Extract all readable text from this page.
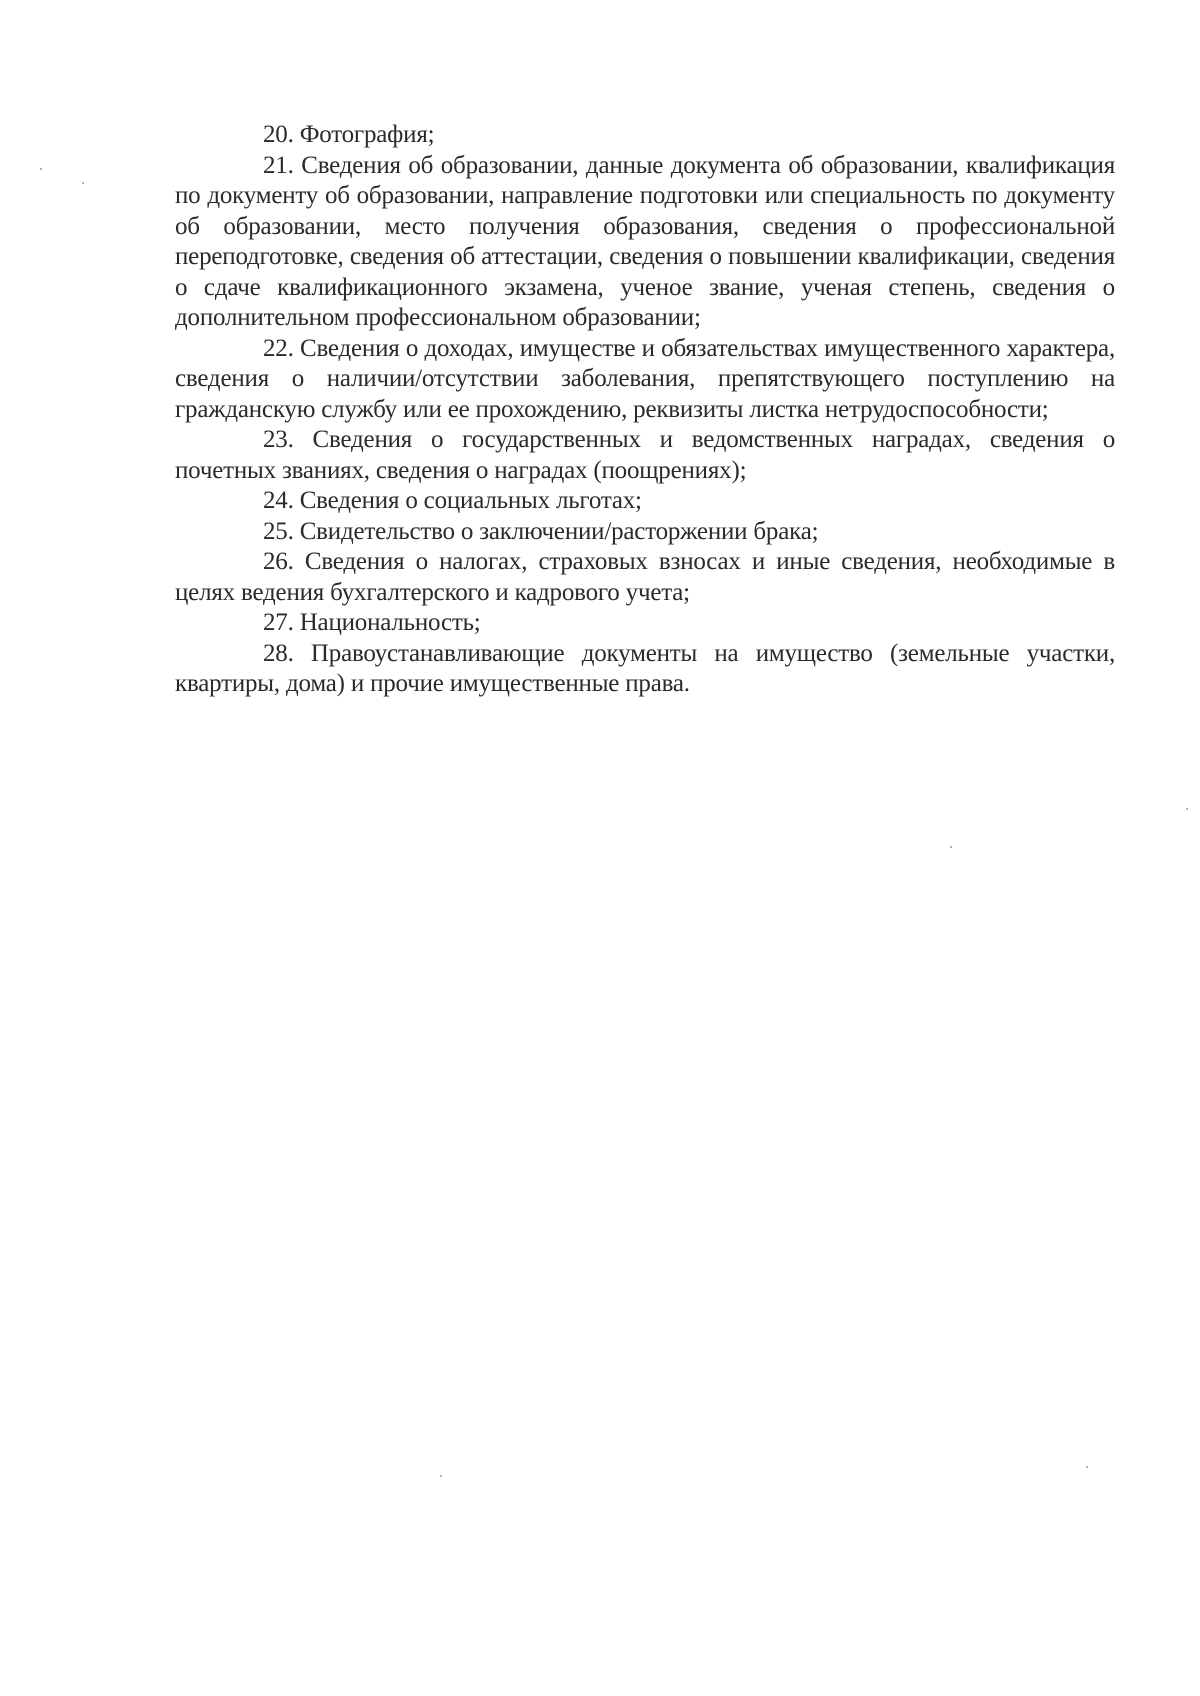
20. Фотография;

21. Сведения об образовании, данные документа об образовании, квалификация по документу об образовании, направление подготовки или специальность по документу об образовании, место получения образования, сведения о профессиональной переподготовке, сведения об аттестации, сведения о повышении квалификации, сведения о сдаче квалификационного экзамена, ученое звание, ученая степень, сведения о дополнительном профессиональном образовании;

22. Сведения о доходах, имуществе и обязательствах имущественного характера, сведения о наличии/отсутствии заболевания, препятствующего поступлению на гражданскую службу или ее прохождению, реквизиты листка нетрудоспособности;

23. Сведения о государственных и ведомственных наградах, сведения о почетных званиях, сведения о наградах (поощрениях);

24. Сведения о социальных льготах;

25. Свидетельство о заключении/расторжении брака;

26. Сведения о налогах, страховых взносах и иные сведения, необходимые в целях ведения бухгалтерского и кадрового учета;

27. Национальность;

28. Правоустанавливающие документы на имущество (земельные участки, квартиры, дома) и прочие имущественные права.
